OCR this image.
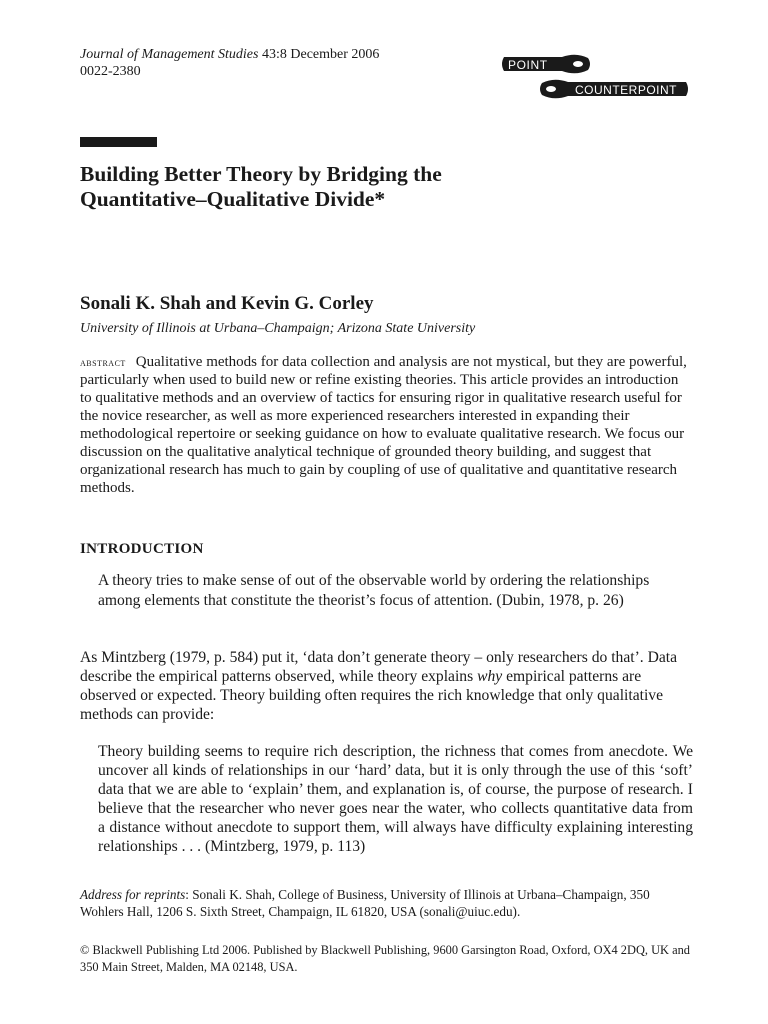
Journal of Management Studies 43:8 December 2006
0022-2380	POINT
COUNTERPOINT
Building Better Theory by Bridging the
Quantitative–Qualitative Divide*
Sonali K. Shah and Kevin G. Corley
University of Illinois at Urbana–Champaign; Arizona State University

abstract Qualitative methods for data collection and analysis are not mystical, but they are powerful, particularly when used to build new or refine existing theories. This article provides an introduction to qualitative methods and an overview of tactics for ensuring rigor in qualitative research useful for the novice researcher, as well as more experienced researchers interested in expanding their methodological repertoire or seeking guidance on how to evaluate qualitative research. We focus our discussion on the qualitative analytical technique of grounded theory building, and suggest that organizational research has much to gain by coupling of use of qualitative and quantitative research methods.

INTRODUCTION

A theory tries to make sense of out of the observable world by ordering the relationships among elements that constitute the theorist’s focus of attention. (Dubin, 1978, p. 26)

As Mintzberg (1979, p. 584) put it, ‘data don’t generate theory – only researchers do that’. Data describe the empirical patterns observed, while theory explains why empirical patterns are observed or expected. Theory building often requires the rich knowledge that only qualitative methods can provide:

Theory building seems to require rich description, the richness that comes from anecdote. We uncover all kinds of relationships in our ‘hard’ data, but it is only through the use of this ‘soft’ data that we are able to ‘explain’ them, and explanation is, of course, the purpose of research. I believe that the researcher who never goes near the water, who collects quantitative data from a distance without anecdote to support them, will always have difficulty explaining interesting relationships . . . (Mintzberg, 1979, p. 113)

Address for reprints: Sonali K. Shah, College of Business, University of Illinois at Urbana–Champaign, 350 Wohlers Hall, 1206 S. Sixth Street, Champaign, IL 61820, USA (sonali@uiuc.edu).

© Blackwell Publishing Ltd 2006. Published by Blackwell Publishing, 9600 Garsington Road, Oxford, OX4 2DQ, UK and 350 Main Street, Malden, MA 02148, USA.
